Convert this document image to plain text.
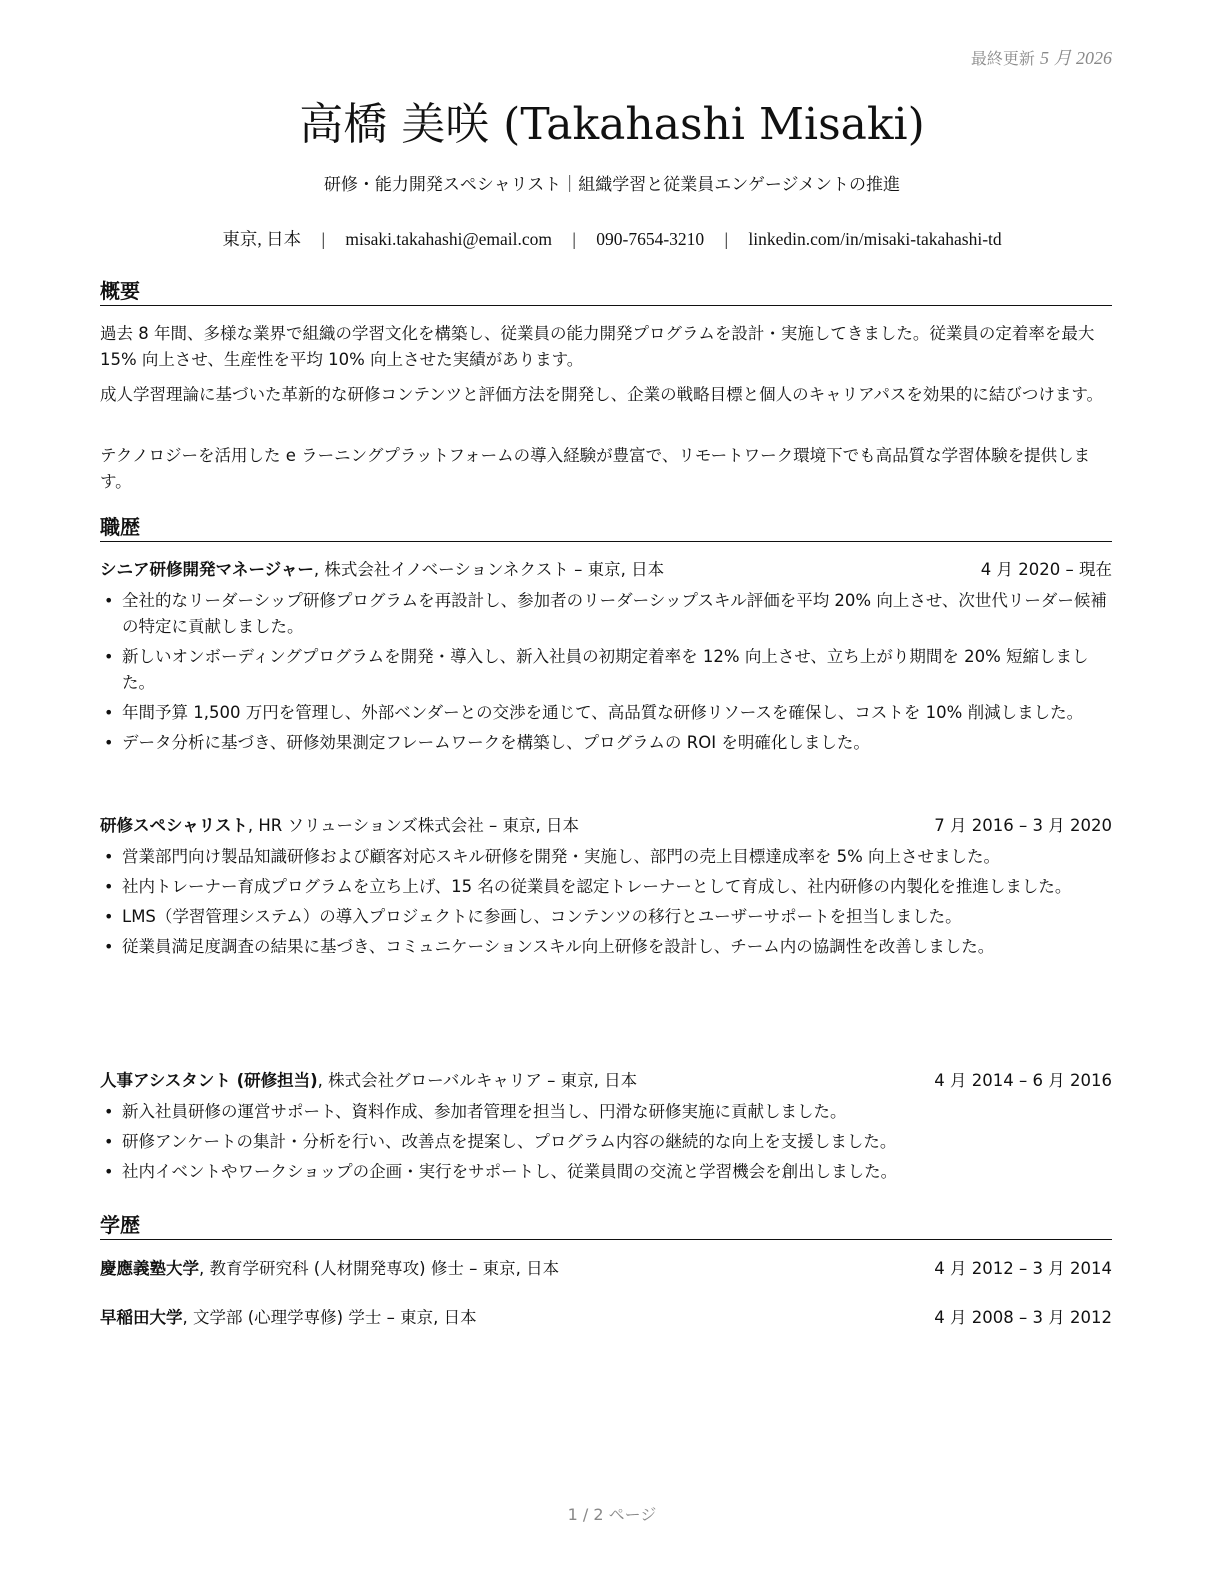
最終更新 5 月 2026
高橋 美咲 (Takahashi Misaki)
研修・能力開発スペシャリスト｜組織学習と従業員エンゲージメントの推進
東京, 日本 | misaki.takahashi@email.com | 090-7654-3210 | linkedin.com/in/misaki-takahashi-td
概要
過去 8 年間、多様な業界で組織の学習文化を構築し、従業員の能力開発プログラムを設計・実施してきました。従業員の定着率を最大 15% 向上させ、生産性を平均 10% 向上させた実績があります。
成人学習理論に基づいた革新的な研修コンテンツと評価方法を開発し、企業の戦略目標と個人のキャリアパスを効果的に結びつけます。
テクノロジーを活用した e ラーニングプラットフォームの導入経験が豊富で、リモートワーク環境下でも高品質な学習体験を提供します。
職歴
シニア研修開発マネージャー, 株式会社イノベーションネクスト – 東京, 日本	4 月 2020 – 現在
• 全社的なリーダーシップ研修プログラムを再設計し、参加者のリーダーシップスキル評価を平均 20% 向上させ、次世代リーダー候補の特定に貢献しました。
• 新しいオンボーディングプログラムを開発・導入し、新入社員の初期定着率を 12% 向上させ、立ち上がり期間を 20% 短縮しました。
• 年間予算 1,500 万円を管理し、外部ベンダーとの交渉を通じて、高品質な研修リソースを確保し、コストを 10% 削減しました。
• データ分析に基づき、研修効果測定フレームワークを構築し、プログラムの ROI を明確化しました。
研修スペシャリスト, HR ソリューションズ株式会社 – 東京, 日本	7 月 2016 – 3 月 2020
• 営業部門向け製品知識研修および顧客対応スキル研修を開発・実施し、部門の売上目標達成率を 5% 向上させました。
• 社内トレーナー育成プログラムを立ち上げ、15 名の従業員を認定トレーナーとして育成し、社内研修の内製化を推進しました。
• LMS（学習管理システム）の導入プロジェクトに参画し、コンテンツの移行とユーザーサポートを担当しました。
• 従業員満足度調査の結果に基づき、コミュニケーションスキル向上研修を設計し、チーム内の協調性を改善しました。
人事アシスタント (研修担当), 株式会社グローバルキャリア – 東京, 日本	4 月 2014 – 6 月 2016
• 新入社員研修の運営サポート、資料作成、参加者管理を担当し、円滑な研修実施に貢献しました。
• 研修アンケートの集計・分析を行い、改善点を提案し、プログラム内容の継続的な向上を支援しました。
• 社内イベントやワークショップの企画・実行をサポートし、従業員間の交流と学習機会を創出しました。
学歴
慶應義塾大学, 教育学研究科 (人材開発専攻) 修士 – 東京, 日本	4 月 2012 – 3 月 2014
早稲田大学, 文学部 (心理学専修) 学士 – 東京, 日本	4 月 2008 – 3 月 2012
1 / 2 ページ
